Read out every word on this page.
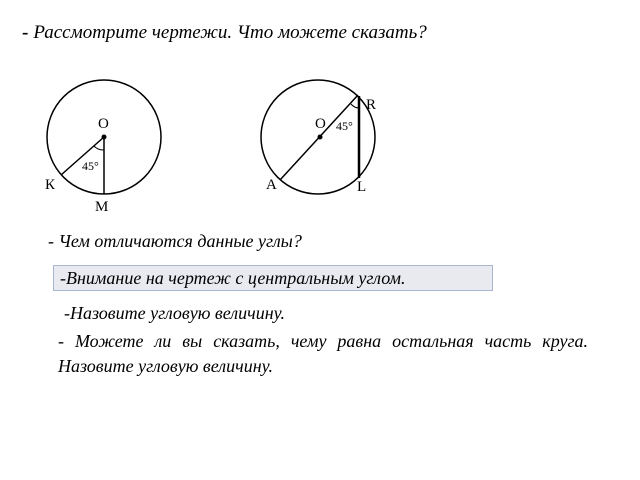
- Рассмотрите чертежи. Что можете сказать?
O
45°
К
М
O 45°
R
А	L
- Чем отличаются данные углы?
-Внимание на чертеж с центральным углом.
-Назовите угловую величину.
- Можете ли вы сказать, чему равна остальная часть круга. Назовите угловую величину.
